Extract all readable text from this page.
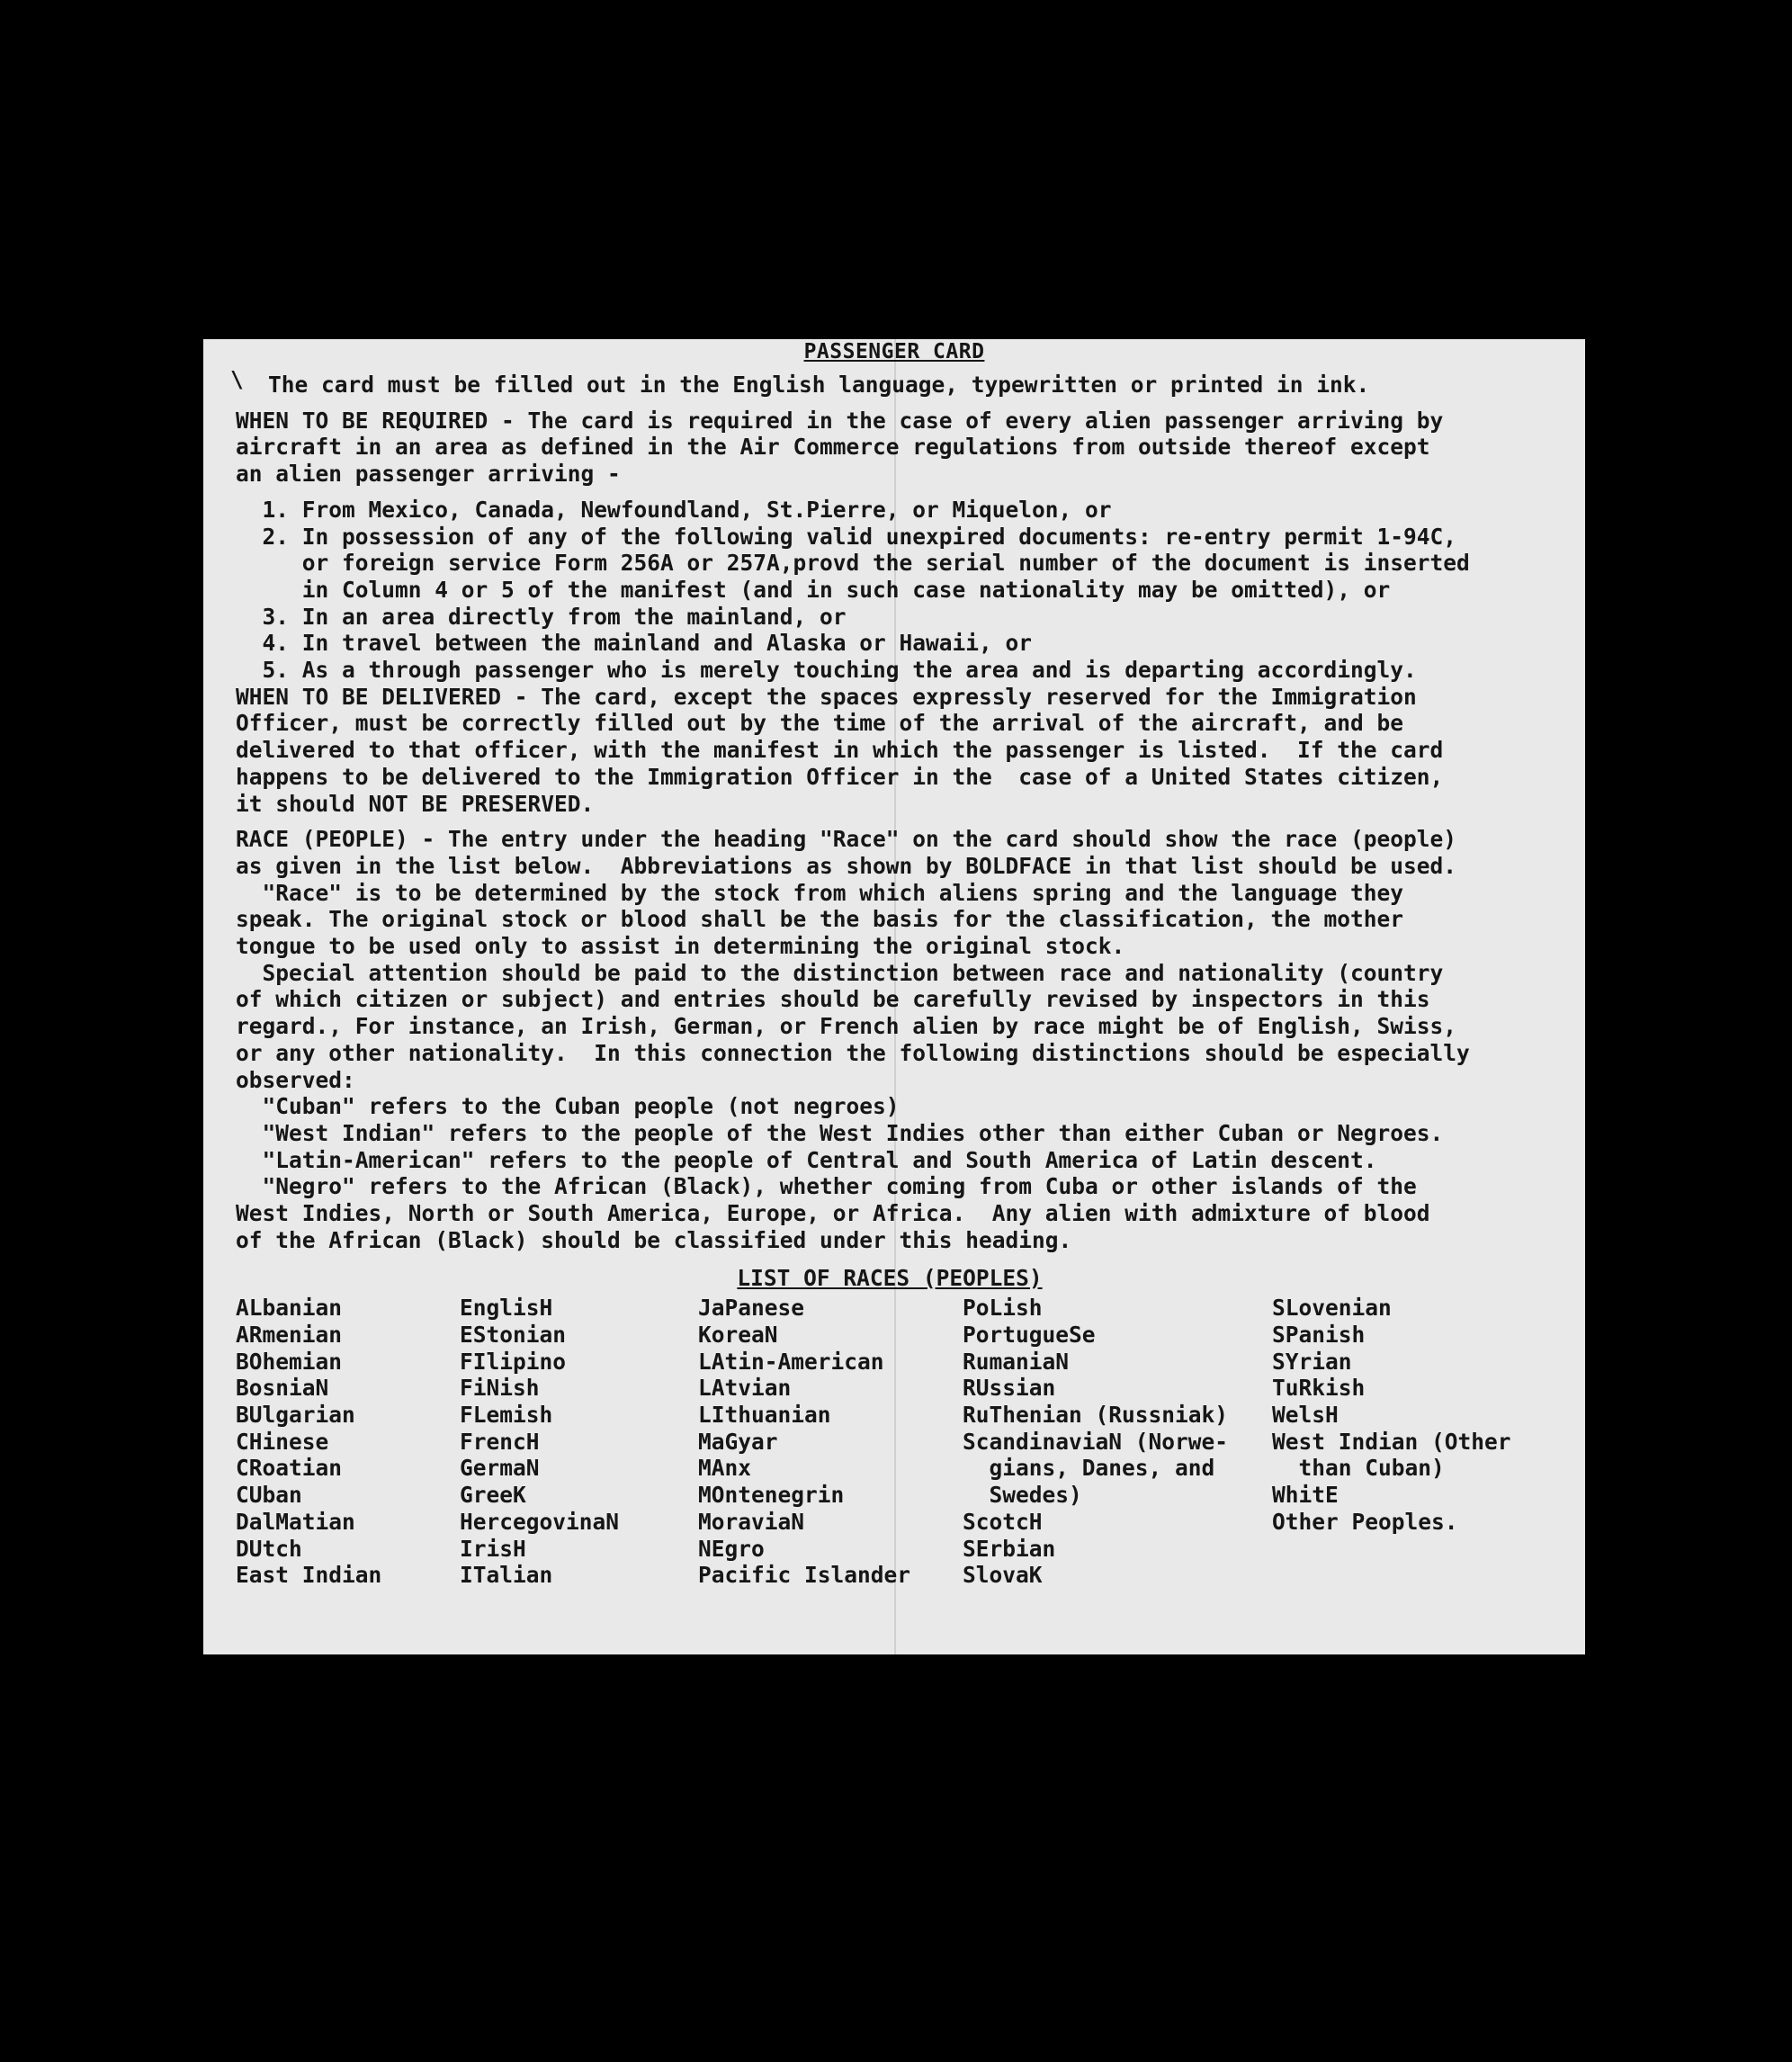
PASSENGER CARD
\	The card must be filled out in the English language, typewritten or printed in ink.

WHEN TO BE REQUIRED - The card is required in the case of every alien passenger arriving by

aircraft in an area as defined in the Air Commerce regulations from outside thereof except

an alien passenger arriving -

1. From Mexico, Canada, Newfoundland, St.Pierre, or Miquelon, or

2. In possession of any of the following valid unexpired documents: re-entry permit 1-94C,

or foreign service Form 256A or 257A,provd the serial number of the document is inserted

in Column 4 or 5 of the manifest (and in such case nationality may be omitted), or

3. In an area directly from the mainland, or

4. In travel between the mainland and Alaska or Hawaii, or

5. As a through passenger who is merely touching the area and is departing accordingly.

WHEN TO BE DELIVERED - The card, except the spaces expressly reserved for the Immigration

Officer, must be correctly filled out by the time of the arrival of the aircraft, and be

delivered to that officer, with the manifest in which the passenger is listed.  If the card

happens to be delivered to the Immigration Officer in the  case of a United States citizen,

it should NOT BE PRESERVED.

RACE (PEOPLE) - The entry under the heading "Race" on the card should show the race (people)

as given in the list below.  Abbreviations as shown by BOLDFACE in that list should be used.

"Race" is to be determined by the stock from which aliens spring and the language they

speak. The original stock or blood shall be the basis for the classification, the mother

tongue to be used only to assist in determining the original stock.

Special attention should be paid to the distinction between race and nationality (country

of which citizen or subject) and entries should be carefully revised by inspectors in this

regard., For instance, an Irish, German, or French alien by race might be of English, Swiss,

or any other nationality.  In this connection the following distinctions should be especially

observed:

"Cuban" refers to the Cuban people (not negroes)

"West Indian" refers to the people of the West Indies other than either Cuban or Negroes.

"Latin-American" refers to the people of Central and South America of Latin descent.

"Negro" refers to the African (Black), whether coming from Cuba or other islands of the

West Indies, North or South America, Europe, or Africa.  Any alien with admixture of blood

of the African (Black) should be classified under this heading.

LIST OF RACES (PEOPLES)

ALbanian

ARmenian

BOhemian

BosniaN

BUlgarian

CHinese

CRoatian

CUban

DalMatian

DUtch

East Indian

EnglisH

EStonian

FIlipino

FiNish

FLemish

FrencH

GermaN

GreeK

HercegovinaN

IrisH

ITalian

JaPanese

KoreaN

LAtin-American

LAtvian

LIthuanian

MaGyar

MAnx

MOntenegrin

MoraviaN

NEgro

Pacific Islander

PoLish

PortugueSe

RumaniaN

RUssian

RuThenian (Russniak)

ScandinaviaN (Norwe-

gians, Danes, and

Swedes)

ScotcH

SErbian

SlovaK

SLovenian

SPanish

SYrian

TuRkish

WelsH

West Indian (Other

than Cuban)

WhitE

Other Peoples.
